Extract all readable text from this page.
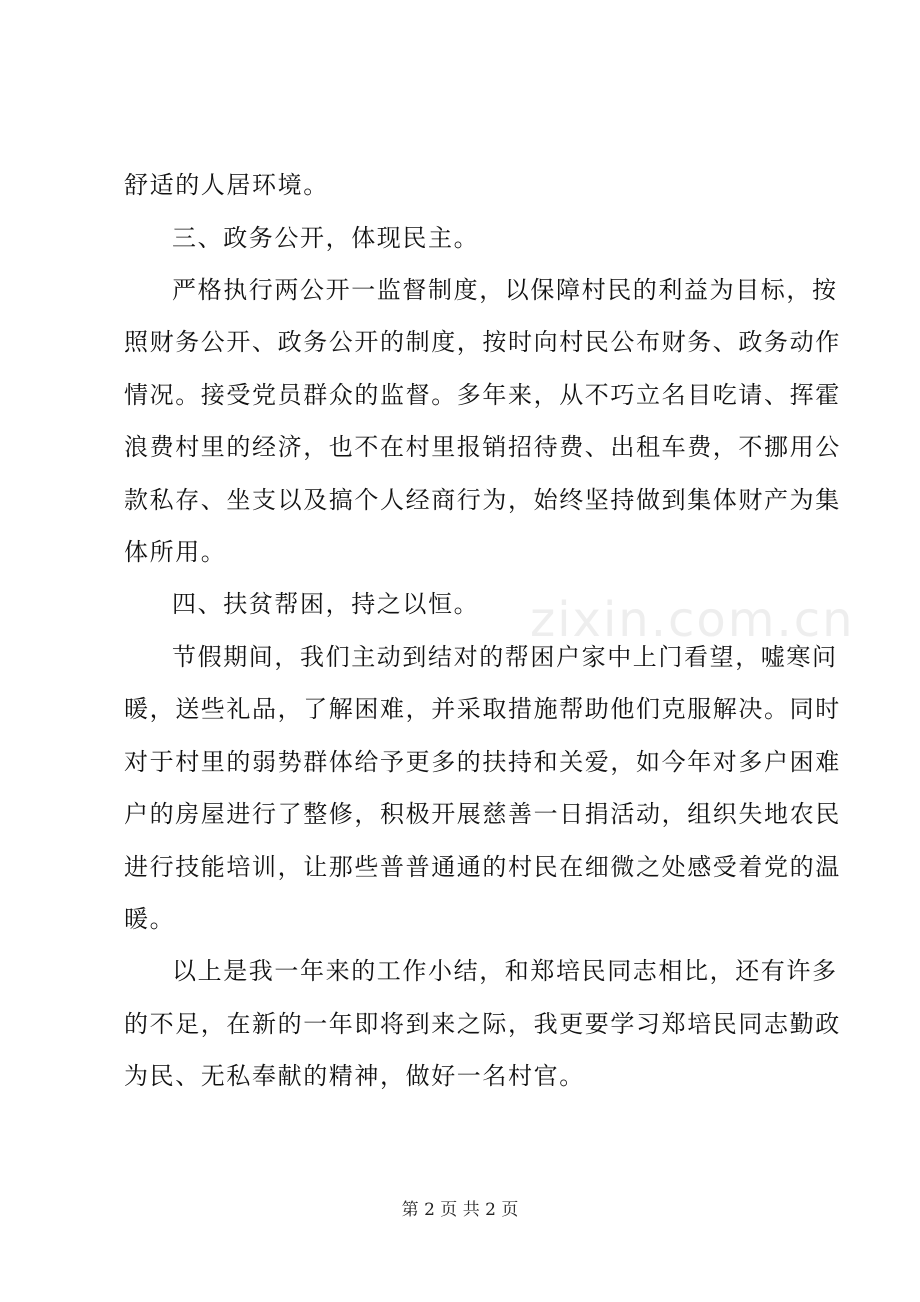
zixin.com.cn
舒适的人居环境。
三、政务公开，体现民主。
严格执行两公开一监督制度，以保障村民的利益为目标，按
照财务公开、政务公开的制度，按时向村民公布财务、政务动作
情况。接受党员群众的监督。多年来，从不巧立名目吃请、挥霍
浪费村里的经济，也不在村里报销招待费、出租车费，不挪用公
款私存、坐支以及搞个人经商行为，始终坚持做到集体财产为集
体所用。
四、扶贫帮困，持之以恒。
节假期间，我们主动到结对的帮困户家中上门看望，嘘寒问
暖，送些礼品，了解困难，并采取措施帮助他们克服解决。同时
对于村里的弱势群体给予更多的扶持和关爱，如今年对多户困难
户的房屋进行了整修，积极开展慈善一日捐活动，组织失地农民
进行技能培训，让那些普普通通的村民在细微之处感受着党的温
暖。
以上是我一年来的工作小结，和郑培民同志相比，还有许多
的不足，在新的一年即将到来之际，我更要学习郑培民同志勤政
为民、无私奉献的精神，做好一名村官。
第 2 页 共 2 页
